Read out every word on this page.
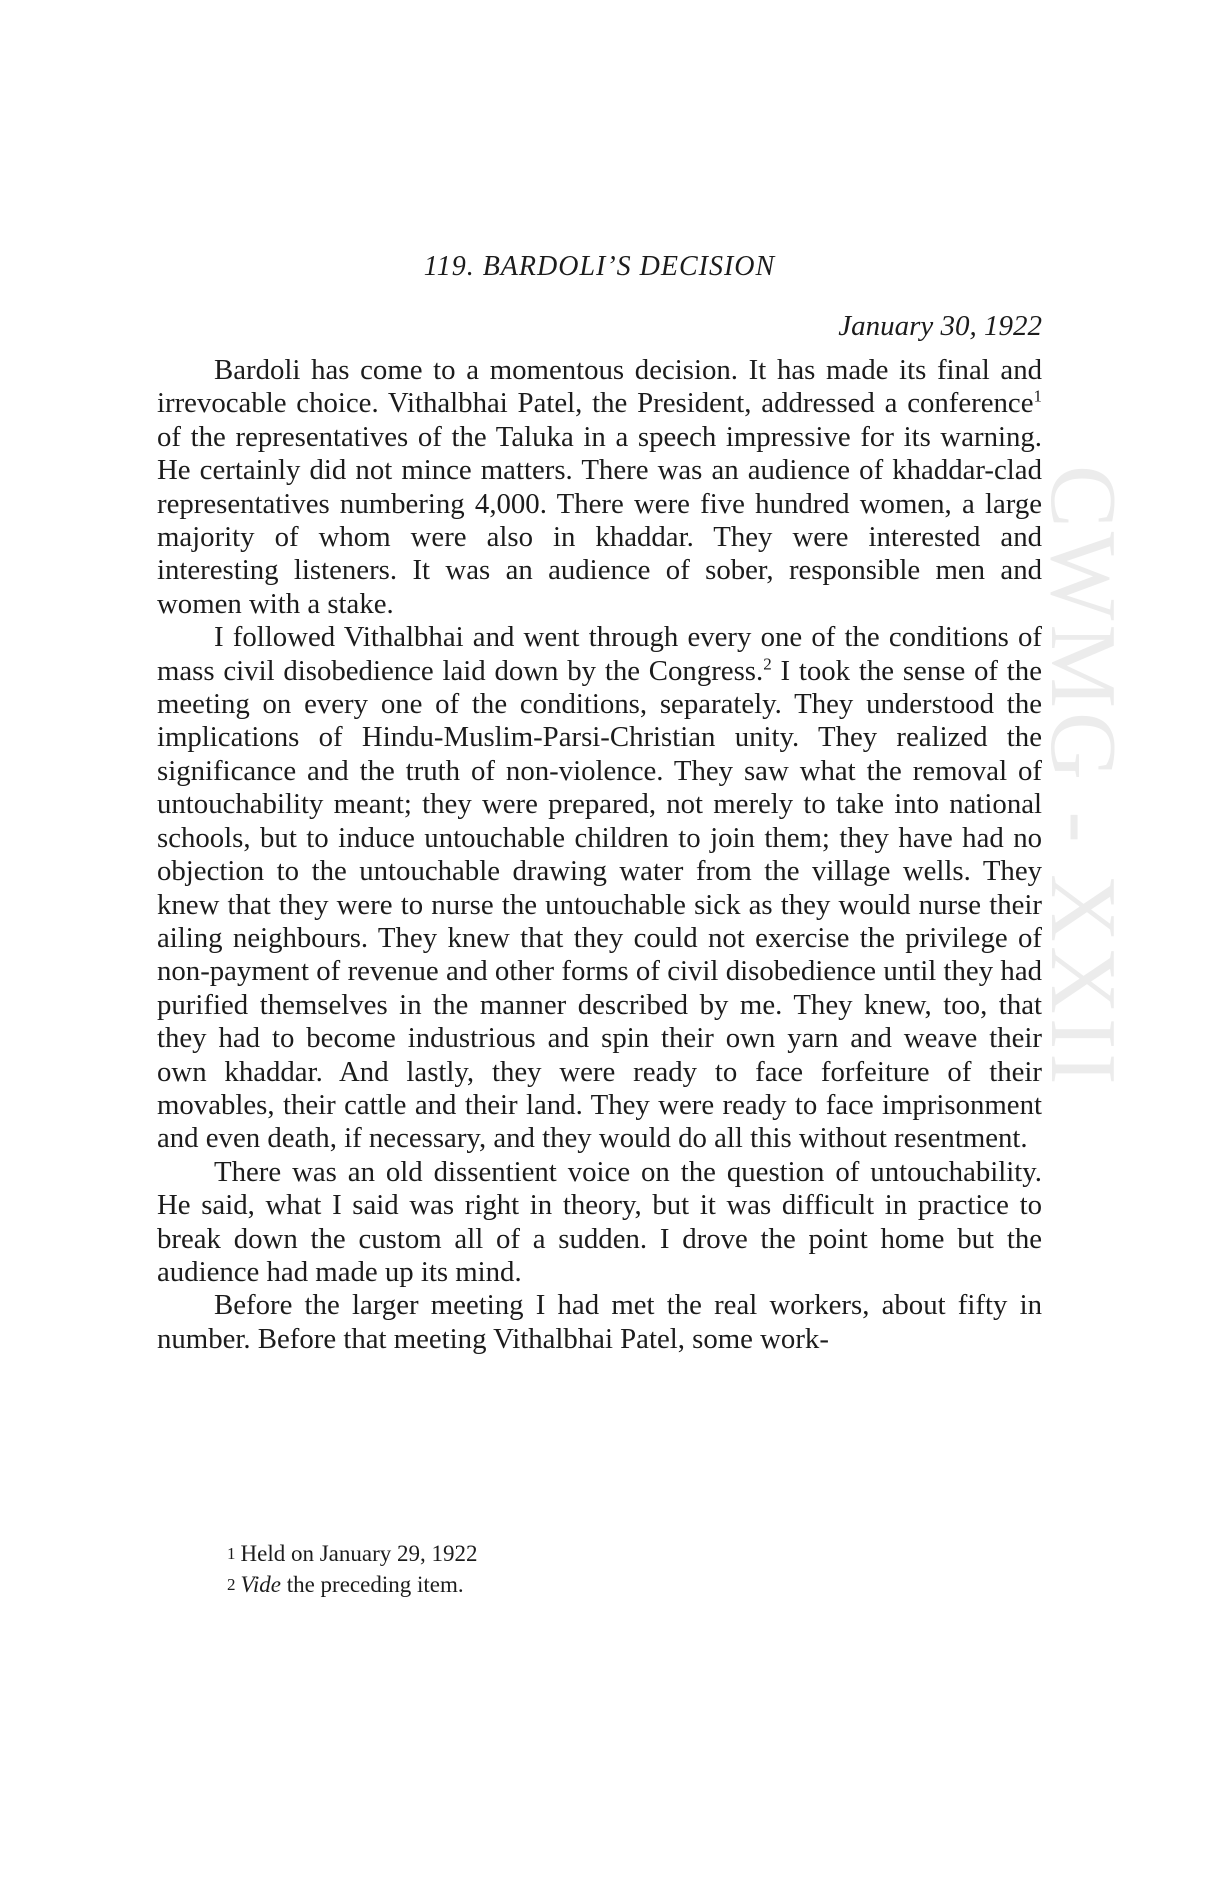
CWMG - XXII
119. BARDOLI’S DECISION
January 30, 1922

Bardoli has come to a momentous decision. It has made its final and irrevocable choice. Vithalbhai Patel, the President, addressed a conference$^1$ of the representatives of the Taluka in a speech impressive for its warning. He certainly did not mince matters. There was an audience of khaddar-clad representatives numbering 4,000. There were five hundred women, a large majority of whom were also in khaddar. They were interested and interesting listeners. It was an audience of sober, responsible men and women with a stake.

I followed Vithalbhai and went through every one of the conditions of mass civil disobedience laid down by the Congress.$^2$ I took the sense of the meeting on every one of the conditions, separately. They understood the implications of Hindu-Muslim-Parsi-Christian unity. They realized the significance and the truth of non-violence. They saw what the removal of untouchability meant; they were prepared, not merely to take into national schools, but to induce untouchable children to join them; they have had no objection to the untouchable drawing water from the village wells. They knew that they were to nurse the untouchable sick as they would nurse their ailing neighbours. They knew that they could not exercise the privilege of non-payment of revenue and other forms of civil disobedience until they had purified themselves in the manner described by me. They knew, too, that they had to become industrious and spin their own yarn and weave their own khaddar. And lastly, they were ready to face forfeiture of their movables, their cattle and their land. They were ready to face imprisonment and even death, if necessary, and they would do all this without resentment.

There was an old dissentient voice on the question of untouchability. He said, what I said was right in theory, but it was difficult in practice to break down the custom all of a sudden. I drove the point home but the audience had made up its mind.

Before the larger meeting I had met the real workers, about fifty in number. Before that meeting Vithalbhai Patel, some work-

$^1$ Held on January 29, 1922
$^2$ Vide the preceding item.
